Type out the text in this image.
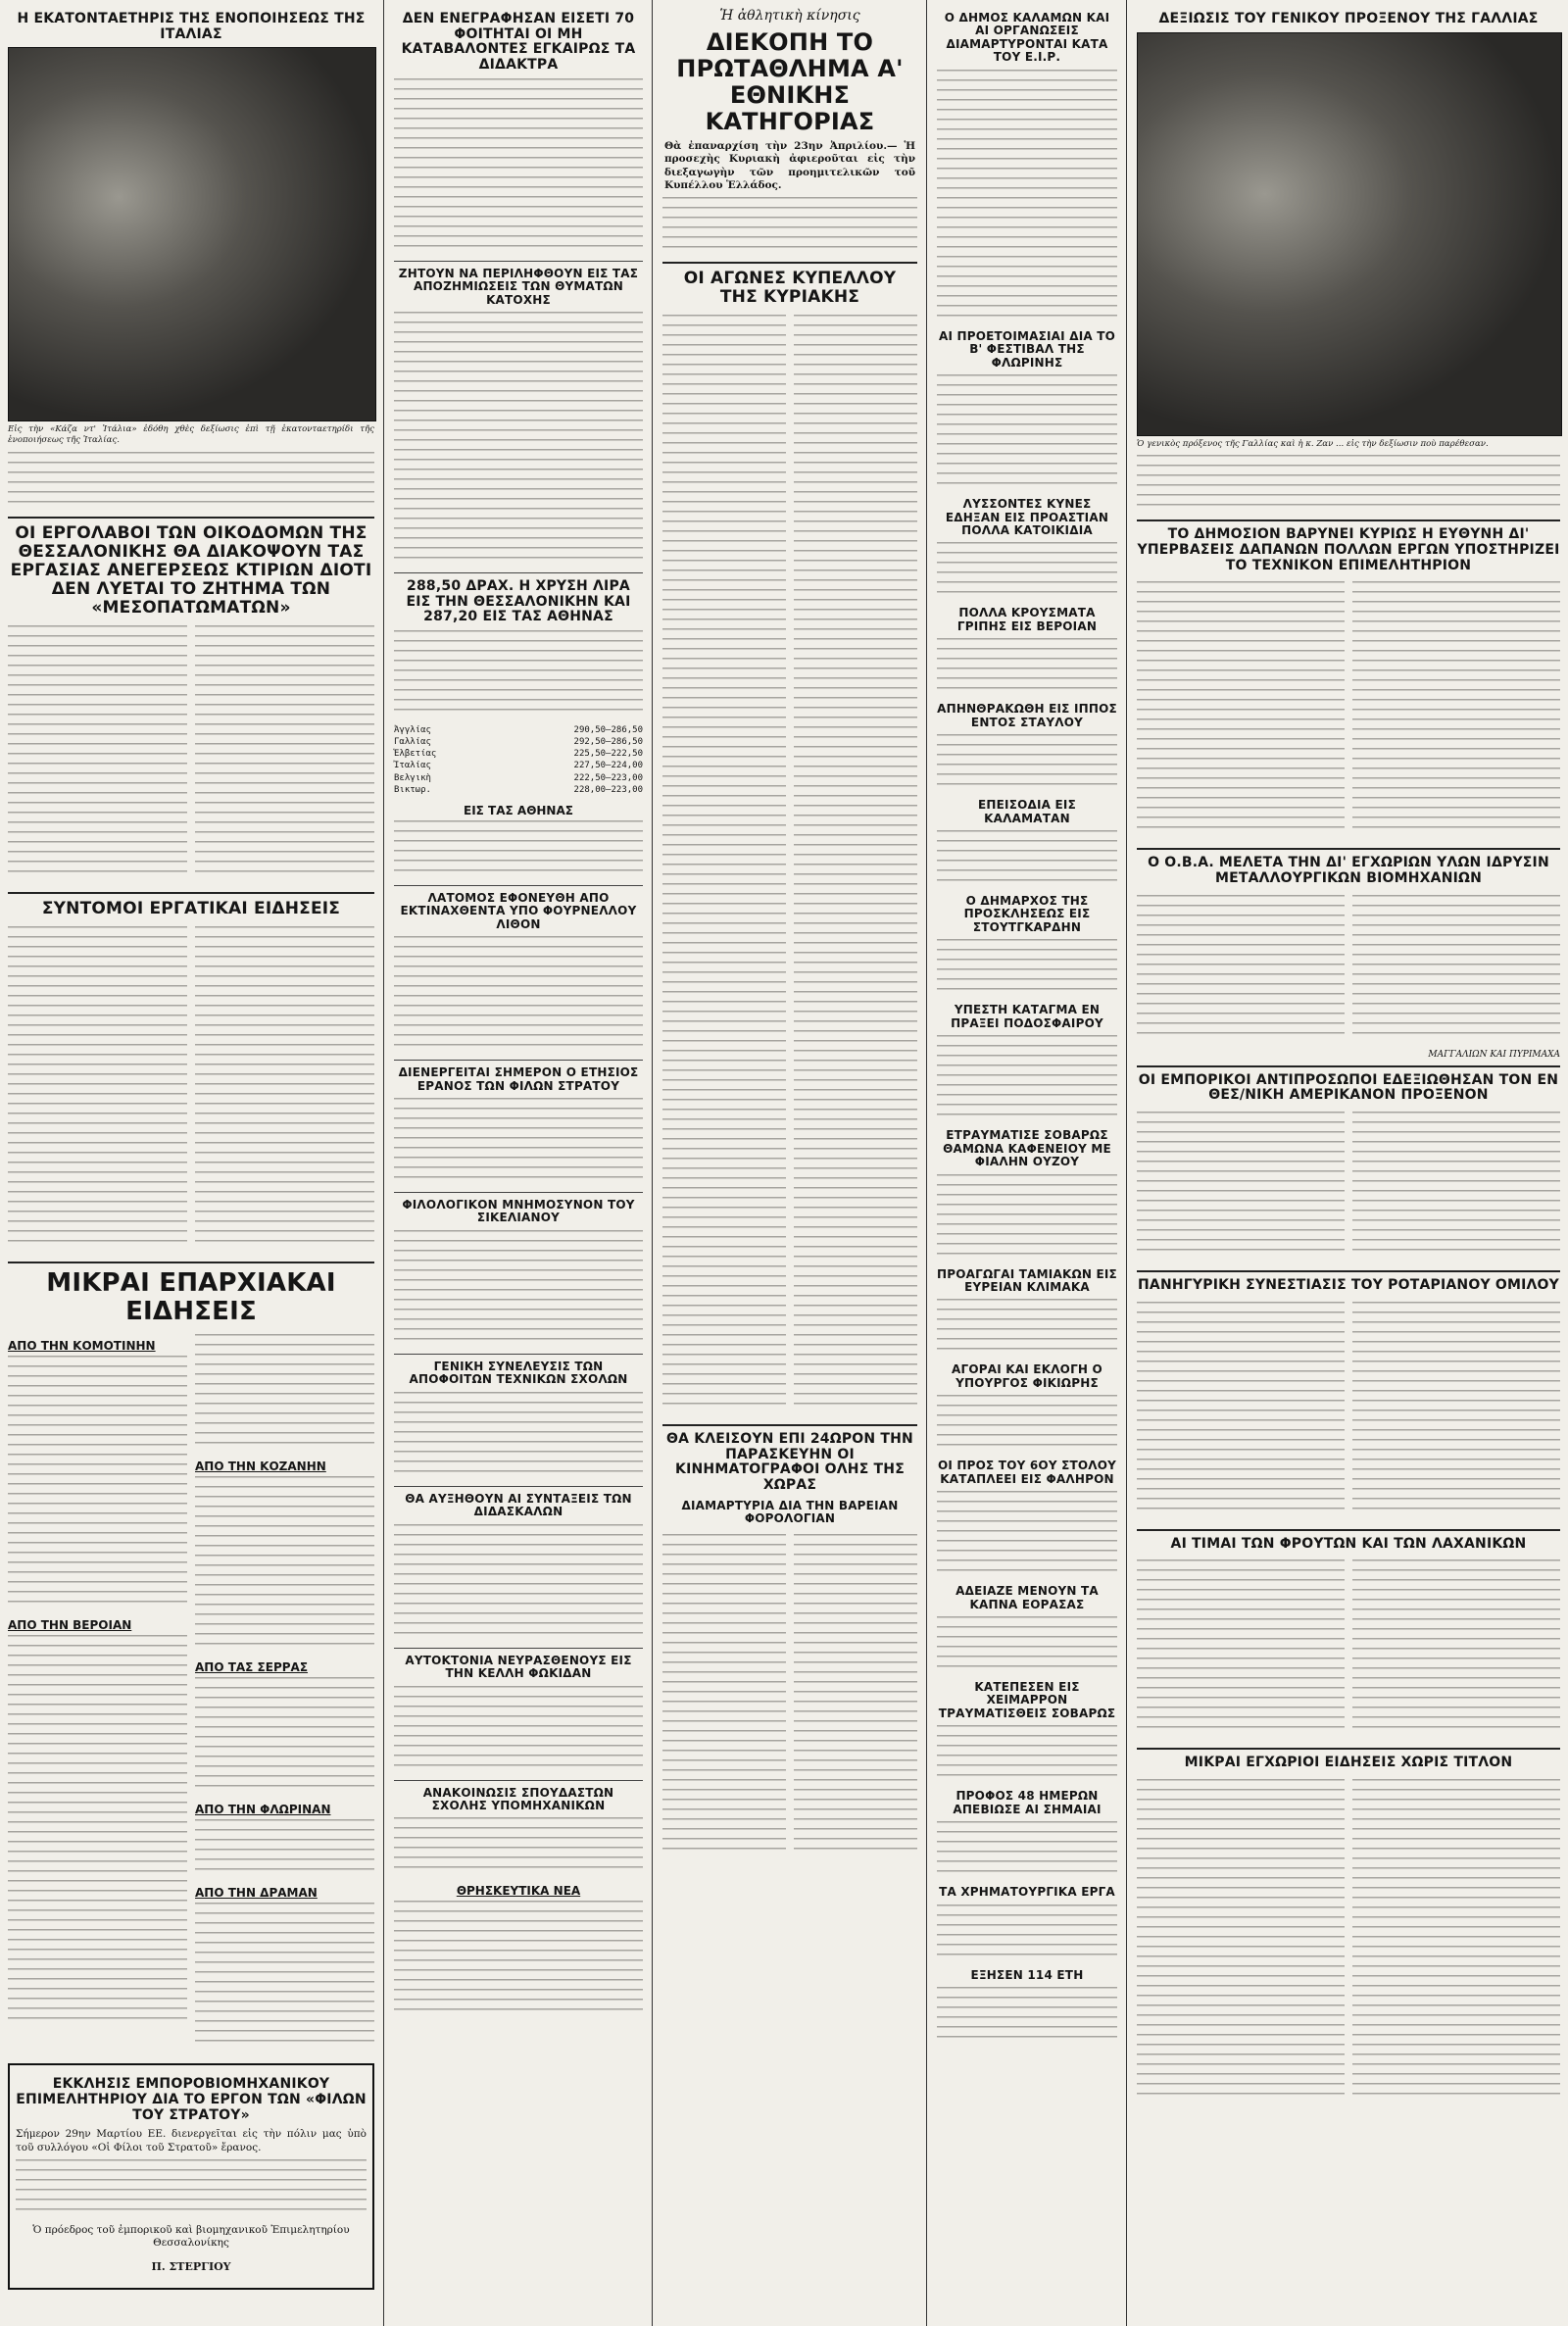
Η ΕΚΑΤΟΝΤΑΕΤΗΡΙΣ ΤΗΣ ΕΝΟΠΟΙΗΣΕΩΣ ΤΗΣ ΙΤΑΛΙΑΣ

Εἰς τὴν «Κάζα ντ' Ἰτάλια» ἐδόθη χθὲς δεξίωσις ἐπὶ τῇ ἑκατονταετηρίδι τῆς ἑνοποιήσεως τῆς Ἰταλίας.

ΟΙ ΕΡΓΟΛΑΒΟΙ ΤΩΝ ΟΙΚΟΔΟΜΩΝ ΤΗΣ ΘΕΣΣΑΛΟΝΙΚΗΣ ΘΑ ΔΙΑΚΟΨΟΥΝ ΤΑΣ ΕΡΓΑΣΙΑΣ ΑΝΕΓΕΡΣΕΩΣ ΚΤΙΡΙΩΝ ΔΙΟΤΙ ΔΕΝ ΛΥΕΤΑΙ ΤΟ ΖΗΤΗΜΑ ΤΩΝ «ΜΕΣΟΠΑΤΩΜΑΤΩΝ»
ΣΥΝΤΟΜΟΙ ΕΡΓΑΤΙΚΑΙ ΕΙΔΗΣΕΙΣ
ΜΙΚΡΑΙ ΕΠΑΡΧΙΑΚΑΙ ΕΙΔΗΣΕΙΣ
ΑΠΟ ΤΗΝ ΚΟΜΟΤΙΝΗΝ
ΑΠΟ ΤΗΝ ΒΕΡΟΙΑΝ
ΑΠΟ ΤΗΝ ΚΟΖΑΝΗΝ
ΑΠΟ ΤΑΣ ΣΕΡΡΑΣ
ΑΠΟ ΤΗΝ ΦΛΩΡΙΝΑΝ
ΑΠΟ ΤΗΝ ΔΡΑΜΑΝ
ΕΚΚΛΗΣΙΣ ΕΜΠΟΡΟΒΙΟΜΗΧΑΝΙΚΟΥ ΕΠΙΜΕΛΗΤΗΡΙΟΥ ΔΙΑ ΤΟ ΕΡΓΟΝ ΤΩΝ «ΦΙΛΩΝ ΤΟΥ ΣΤΡΑΤΟΥ»

Σήμερον 29ην Μαρτίου ΕΕ. διενεργεῖται εἰς τὴν πόλιν μας ὑπὸ τοῦ συλλόγου «Οἱ Φίλοι τοῦ Στρατοῦ» ἔρανος.

Ὁ πρόεδρος τοῦ ἐμπορικοῦ καὶ βιομηχανικοῦ Ἐπιμελητηρίου Θεσσαλονίκης

Π. ΣΤΕΡΓΙΟΥ

ΔΕΝ ΕΝΕΓΡΑΦΗΣΑΝ ΕΙΣΕΤΙ 70 ΦΟΙΤΗΤΑΙ ΟΙ ΜΗ ΚΑΤΑΒΑΛΟΝΤΕΣ ΕΓΚΑΙΡΩΣ ΤΑ ΔΙΔΑΚΤΡΑ
ΖΗΤΟΥΝ ΝΑ ΠΕΡΙΛΗΦΘΟΥΝ ΕΙΣ ΤΑΣ ΑΠΟΖΗΜΙΩΣΕΙΣ ΤΩΝ ΘΥΜΑΤΩΝ ΚΑΤΟΧΗΣ
288,50 ΔΡΑΧ. Η ΧΡΥΣΗ ΛΙΡΑ ΕΙΣ ΤΗΝ ΘΕΣΣΑΛΟΝΙΚΗΝ ΚΑΙ 287,20 ΕΙΣ ΤΑΣ ΑΘΗΝΑΣ
Ἀγγλίας	290,50—286,50
Γαλλίας	292,50—286,50
Ἑλβετίας	225,50—222,50
Ἰταλίας	227,50—224,00
Βελγικὴ	222,50—223,00
Βικτωρ.	228,00—223,00
ΕΙΣ ΤΑΣ ΑΘΗΝΑΣ
ΛΑΤΟΜΟΣ ΕΦΟΝΕΥΘΗ ΑΠΟ ΕΚΤΙΝΑΧΘΕΝΤΑ ΥΠΟ ΦΟΥΡΝΕΛΛΟΥ ΛΙΘΟΝ
ΔΙΕΝΕΡΓΕΙΤΑΙ ΣΗΜΕΡΟΝ Ο ΕΤΗΣΙΟΣ ΕΡΑΝΟΣ ΤΩΝ ΦΙΛΩΝ ΣΤΡΑΤΟΥ
ΦΙΛΟΛΟΓΙΚΟΝ ΜΝΗΜΟΣΥΝΟΝ ΤΟΥ ΣΙΚΕΛΙΑΝΟΥ
ΓΕΝΙΚΗ ΣΥΝΕΛΕΥΣΙΣ ΤΩΝ ΑΠΟΦΟΙΤΩΝ ΤΕΧΝΙΚΩΝ ΣΧΟΛΩΝ
ΘΑ ΑΥΞΗΘΟΥΝ ΑΙ ΣΥΝΤΑΞΕΙΣ ΤΩΝ ΔΙΔΑΣΚΑΛΩΝ
ΑΥΤΟΚΤΟΝΙΑ ΝΕΥΡΑΣΘΕΝΟΥΣ ΕΙΣ ΤΗΝ ΚΕΛΛΗ ΦΩΚΙΔΑΝ
ΑΝΑΚΟΙΝΩΣΙΣ ΣΠΟΥΔΑΣΤΩΝ ΣΧΟΛΗΣ ΥΠΟΜΗΧΑΝΙΚΩΝ
ΘΡΗΣΚΕΥΤΙΚΑ ΝΕΑ

Ἡ ἀθλητικὴ κίνησις

ΔΙΕΚΟΠΗ ΤΟ ΠΡΩΤΑΘΛΗΜΑ Α' ΕΘΝΙΚΗΣ ΚΑΤΗΓΟΡΙΑΣ

Θὰ ἐπαναρχίση τὴν 23ην Ἀπριλίου.— Ἡ προσεχὴς Κυριακὴ ἀφιεροῦται εἰς τὴν διεξαγωγὴν τῶν προημιτελικῶν τοῦ Κυπέλλου Ἑλλάδος.

ΟΙ ΑΓΩΝΕΣ ΚΥΠΕΛΛΟΥ ΤΗΣ ΚΥΡΙΑΚΗΣ
ΘΑ ΚΛΕΙΣΟΥΝ ΕΠΙ 24ΩΡΟΝ ΤΗΝ ΠΑΡΑΣΚΕΥΗΝ ΟΙ ΚΙΝΗΜΑΤΟΓΡΑΦΟΙ ΟΛΗΣ ΤΗΣ ΧΩΡΑΣ
ΔΙΑΜΑΡΤΥΡΙΑ ΔΙΑ ΤΗΝ ΒΑΡΕΙΑΝ ΦΟΡΟΛΟΓΙΑΝ
Ο ΔΗΜΟΣ ΚΑΛΑΜΩΝ ΚΑΙ ΑΙ ΟΡΓΑΝΩΣΕΙΣ ΔΙΑΜΑΡΤΥΡΟΝΤΑΙ ΚΑΤΑ ΤΟΥ Ε.Ι.Ρ.
ΑΙ ΠΡΟΕΤΟΙΜΑΣΙΑΙ ΔΙΑ ΤΟ Β' ΦΕΣΤΙΒΑΛ ΤΗΣ ΦΛΩΡΙΝΗΣ
ΛΥΣΣΟΝΤΕΣ ΚΥΝΕΣ ΕΔΗΞΑΝ ΕΙΣ ΠΡΟΑΣΤΙΑΝ ΠΟΛΛΑ ΚΑΤΟΙΚΙΔΙΑ
ΠΟΛΛΑ ΚΡΟΥΣΜΑΤΑ ΓΡΙΠΗΣ ΕΙΣ ΒΕΡΟΙΑΝ
ΑΠΗΝΘΡΑΚΩΘΗ ΕΙΣ ΙΠΠΟΣ ΕΝΤΟΣ ΣΤΑΥΛΟΥ
ΕΠΕΙΣΟΔΙΑ ΕΙΣ ΚΑΛΑΜΑΤΑΝ
Ο ΔΗΜΑΡΧΟΣ ΤΗΣ ΠΡΟΣΚΛΗΣΕΩΣ ΕΙΣ ΣΤΟΥΤΓΚΑΡΔΗΝ
ΥΠΕΣΤΗ ΚΑΤΑΓΜΑ ΕΝ ΠΡΑΞΕΙ ΠΟΔΟΣΦΑΙΡΟΥ
ΕΤΡΑΥΜΑΤΙΣΕ ΣΟΒΑΡΩΣ ΘΑΜΩΝΑ ΚΑΦΕΝΕΙΟΥ ΜΕ ΦΙΑΛΗΝ ΟΥΖΟΥ
ΠΡΟΑΓΩΓΑΙ ΤΑΜΙΑΚΩΝ ΕΙΣ ΕΥΡΕΙΑΝ ΚΛΙΜΑΚΑ
ΑΓΟΡΑΙ ΚΑΙ ΕΚΛΟΓΗ Ο ΥΠΟΥΡΓΟΣ ΦΙΚΙΩΡΗΣ
ΟΙ ΠΡΟΣ ΤΟΥ 6ΟΥ ΣΤΟΛΟΥ ΚΑΤΑΠΛΕΕΙ ΕΙΣ ΦΑΛΗΡΟΝ
ΑΔΕΙΑΖΕ ΜΕΝΟΥΝ ΤΑ ΚΑΠΝΑ ΕΟΡΑΣΑΣ
ΚΑΤΕΠΕΣΕΝ ΕΙΣ ΧΕΙΜΑΡΡΟΝ ΤΡΑΥΜΑΤΙΣΘΕΙΣ ΣΟΒΑΡΩΣ
ΠΡΟΦΟΣ 48 ΗΜΕΡΩΝ ΑΠΕΒΙΩΣΕ ΑΙ ΣΗΜΑΙΑΙ
ΤΑ ΧΡΗΜΑΤΟΥΡΓΙΚΑ ΕΡΓΑ
ΕΞΗΣΕΝ 114 ΕΤΗ
ΔΕΞΙΩΣΙΣ ΤΟΥ ΓΕΝΙΚΟΥ ΠΡΟΞΕΝΟΥ ΤΗΣ ΓΑΛΛΙΑΣ

Ὁ γενικὸς πρόξενος τῆς Γαλλίας καὶ ἡ κ. Ζαν ... εἰς τὴν δεξίωσιν ποὺ παρέθεσαν.

ΤΟ ΔΗΜΟΣΙΟΝ ΒΑΡΥΝΕΙ ΚΥΡΙΩΣ Η ΕΥΘΥΝΗ ΔΙ' ΥΠΕΡΒΑΣΕΙΣ ΔΑΠΑΝΩΝ ΠΟΛΛΩΝ ΕΡΓΩΝ ΥΠΟΣΤΗΡΙΖΕΙ ΤΟ ΤΕΧΝΙΚΟΝ ΕΠΙΜΕΛΗΤΗΡΙΟΝ
Ο Ο.Β.Α. ΜΕΛΕΤΑ ΤΗΝ ΔΙ' ΕΓΧΩΡΙΩΝ ΥΛΩΝ ΙΔΡΥΣΙΝ ΜΕΤΑΛΛΟΥΡΓΙΚΩΝ ΒΙΟΜΗΧΑΝΙΩΝ

ΜΑΓΓΑΛΙΩΝ ΚΑΙ ΠΥΡΙΜΑΧΑ

ΟΙ ΕΜΠΟΡΙΚΟΙ ΑΝΤΙΠΡΟΣΩΠΟΙ ΕΔΕΞΙΩΘΗΣΑΝ ΤΟΝ ΕΝ ΘΕΣ/ΝΙΚΗ ΑΜΕΡΙΚΑΝΟΝ ΠΡΟΞΕΝΟΝ
ΠΑΝΗΓΥΡΙΚΗ ΣΥΝΕΣΤΙΑΣΙΣ ΤΟΥ ΡΟΤΑΡΙΑΝΟΥ ΟΜΙΛΟΥ
ΑΙ ΤΙΜΑΙ ΤΩΝ ΦΡΟΥΤΩΝ ΚΑΙ ΤΩΝ ΛΑΧΑΝΙΚΩΝ
ΜΙΚΡΑΙ ΕΓΧΩΡΙΟΙ ΕΙΔΗΣΕΙΣ ΧΩΡΙΣ ΤΙΤΛΟΝ
